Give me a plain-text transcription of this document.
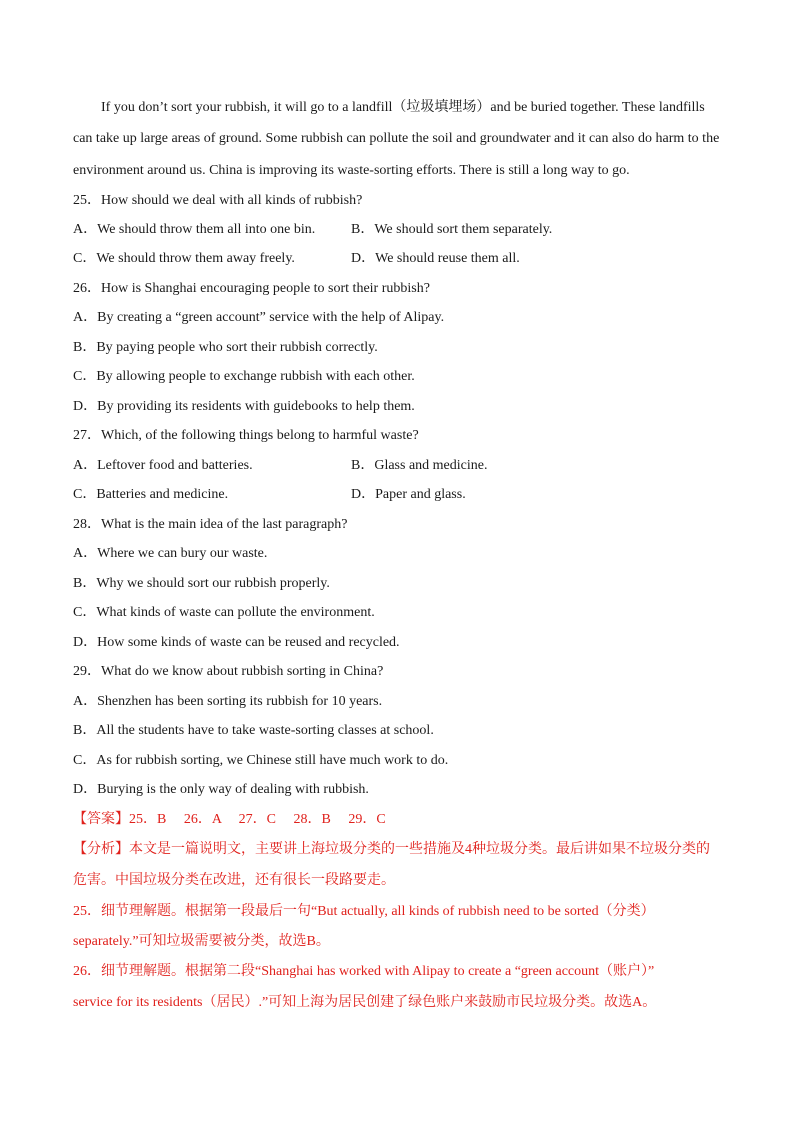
If you don’t sort your rubbish, it will go to a landfill（垃圾填埋场）and be buried together. These landfills
can take up large areas of ground. Some rubbish can pollute the soil and groundwater and it can also do harm to the
environment around us. China is improving its waste-sorting efforts. There is still a long way to go.
25．How should we deal with all kinds of rubbish?
A．We should throw them all into one bin.	B．We should sort them separately.
C．We should throw them away freely.	D．We should reuse them all.
26．How is Shanghai encouraging people to sort their rubbish?
A．By creating a “green account” service with the help of Alipay.
B．By paying people who sort their rubbish correctly.
C．By allowing people to exchange rubbish with each other.
D．By providing its residents with guidebooks to help them.
27．Which, of the following things belong to harmful waste?
A．Leftover food and batteries.	B．Glass and medicine.
C．Batteries and medicine.	D．Paper and glass.
28．What is the main idea of the last paragraph?
A．Where we can bury our waste.
B．Why we should sort our rubbish properly.
C．What kinds of waste can pollute the environment.
D．How some kinds of waste can be reused and recycled.
29．What do we know about rubbish sorting in China?
A．Shenzhen has been sorting its rubbish for 10 years.
B．All the students have to take waste-sorting classes at school.
C．As for rubbish sorting, we Chinese still have much work to do.
D．Burying is the only way of dealing with rubbish.
【答案】25．B　 26．A　 27．C　 28．B　 29．C
【分析】本文是一篇说明文，主要讲上海垃圾分类的一些措施及4种垃圾分类。最后讲如果不垃圾分类的
危害。中国垃圾分类在改进，还有很长一段路要走。
25．细节理解题。根据第一段最后一句“But actually, all kinds of rubbish need to be sorted（分类）
separately.”可知垃圾需要被分类，故选B。
26．细节理解题。根据第二段“Shanghai has worked with Alipay to create a “green account（账户）”
service for its residents（居民）.”可知上海为居民创建了绿色账户来鼓励市民垃圾分类。故选A。
